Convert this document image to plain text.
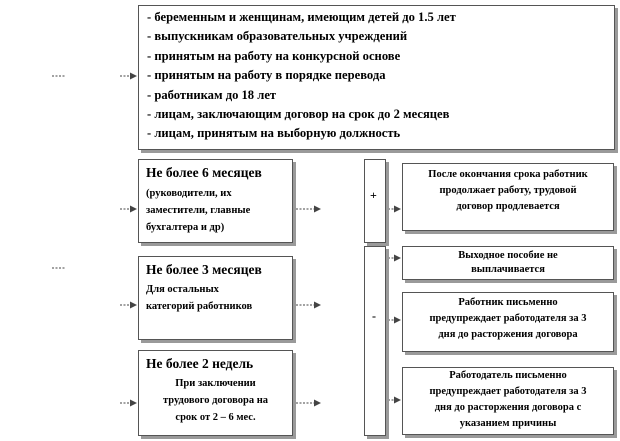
- беременным и женщинам, имеющим детей до 1.5 лет
- выпускникам образовательных учреждений
- принятым на работу на конкурсной основе
- принятым на работу в порядке перевода
- работникам до 18 лет
- лицам, заключающим договор на срок до 2 месяцев
- лицам, принятым на выборную должность
Не более 6 месяцев
(руководители, их
заместители, главные
бухгалтера и др)
Не более 3 месяцев
Для остальных
категорий работников
Не более 2 недель
При заключении
трудового договора на
срок от 2 – 6 мес.
+
-
После окончания срока работник
продолжает работу, трудовой
договор продлевается
Выходное пособие не
выплачивается
Работник письменно
предупреждает работодателя за 3
дня до расторжения договора
Работодатель письменно
предупреждает работодателя за 3
дня до расторжения договора с
указанием причины
